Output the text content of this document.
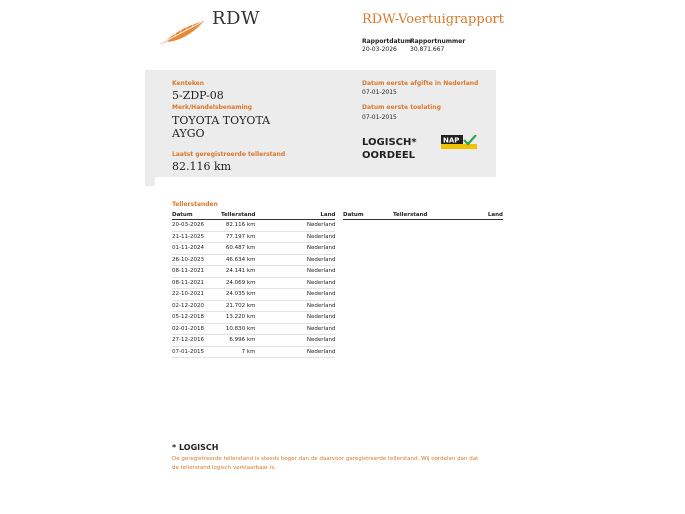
RDW	RDW-Voertuigrapport
Rapportdatum
20-03-2026
Rapportnummer
30.871.667
Kenteken
5-ZDP-08
Merk/Handelsbenaming
TOYOTA TOYOTA
AYGO
Laatst geregistreerde tellerstand
82.116 km
Datum eerste afgifte in Nederland
07-01-2015
Datum eerste toelating
07-01-2015
LOGISCH*
OORDEEL
NAP
Tellerstanden
Datum	Tellerstand	Land
20-03-2026	82.116 km	Nederland
21-11-2025	77.197 km	Nederland
01-11-2024	60.487 km	Nederland
26-10-2023	46.634 km	Nederland
08-11-2021	24.141 km	Nederland
08-11-2021	24.069 km	Nederland
22-10-2021	24.035 km	Nederland
02-12-2020	21.702 km	Nederland
05-12-2018	13.220 km	Nederland
02-01-2018	10.830 km	Nederland
27-12-2016	6.996 km	Nederland
07-01-2015	7 km	Nederland
Datum	Tellerstand	Land
* LOGISCH
De geregistreerde tellerstand is steeds hoger dan de daarvoor geregistreerde tellerstand. Wij oordelen dan dat de tellerstand logisch verklaarbaar is.
